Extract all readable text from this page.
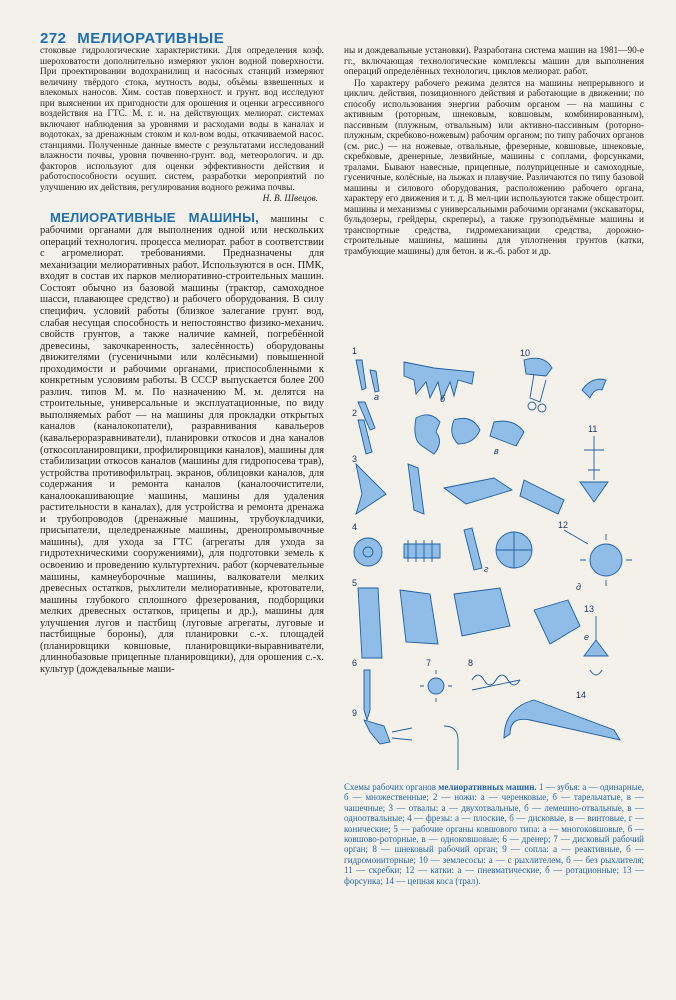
272 МЕЛИОРАТИВНЫЕ

стоковые гидрологические характеристики. Для определения коэф. шероховатости дополнительно измеряют уклон водной поверхности. При проектировании водохранилищ и насосных станций измеряют величину твёрдого стока, мутность воды, объёмы взвешенных и влекомых наносов. Хим. состав поверхност. и грунт. вод исследуют при выяснении их пригодности для орошения и оценки агрессивного воздействия на ГТС. М. г. и. на действующих мелиорат. системах включают наблюдения за уровнями и расходами воды в каналах и водотоках, за дренажным стоком и кол-вом воды, откачиваемой насос. станциями. Полученные данные вместе с результатами исследований влажности почвы, уровня почвенно-грунт. вод, метеорологич. и др. факторов используют для оценки эффективности действия и работоспособности осушит. систем, разработки мероприятий по улучшению их действия, регулирования водного режима почвы.

Н. В. Швецов.

МЕЛИОРАТИВНЫЕ МАШИНЫ, машины с рабочими органами для выполнения одной или нескольких операций технологич. процесса мелиорат. работ в соответствии с агромелиорат. требованиями. Предназначены для механизации мелиоративных работ. Используются в осн. ПМК, входят в состав их парков мелиоративно-строительных машин. Состоят обычно из базовой машины (трактор, самоходное шасси, плавающее средство) и рабочего оборудования. В силу специфич. условий работы (близкое залегание грунт. вод, слабая несущая способность и непостоянство физико-механич. свойств грунтов, а также наличие камней, погребённой древесины, закочкаренность, залесённость) оборудованы движителями (гусеничными или колёсными) повышенной проходимости и рабочими органами, приспособленными к конкретным условиям работы. В СССР выпускается более 200 различ. типов М. м. По назначению М. м. делятся на строительные, универсальные и эксплуатационные, по виду выполняемых работ — на машины для прокладки открытых каналов (каналокопатели), разравнивания кавальеров (кавальероразравниватели), планировки откосов и дна каналов (откосопланировщики, профилировщики каналов), машины для стабилизации откосов каналов (машины для гидропосева трав), устройства противофильтрац. экранов, облицовки каналов, для содержания и ремонта каналов (каналоочистители, каналоокашивающие машины, машины для удаления растительности в каналах), для устройства и ремонта дренажа и трубопроводов (дренажные машины, трубоукладчики, присыпатели, щеледренажные машины, дренопромывочные машины), для ухода за ГТС (агрегаты для ухода за гидротехническими сооружениями), для подготовки земель к освоению и проведению культуртехнич. работ (корчевательные машины, камнеуборочные машины, валкователи мелких древесных остатков, рыхлители мелиоративные, кротователи, машины глубокого сплошного фрезерования, подборщики мелких древесных остатков, прицепы и др.), машины для улучшения лугов и пастбищ (луговые агрегаты, луговые и пастбищные бороны), для планировки с.-х. площадей (планировщики ковшовые, планировщики-выравниватели, длиннобазовые прицепные планировщики), для орошения с.-х. культур (дождевальные маши-

ны и дождевальные установки). Разработана система машин на 1981—90-е гг., включающая технологические комплексы машин для выполнения операций определённых технологич. циклов мелиорат. работ.

По характеру рабочего режима делятся на машины непрерывного и циклич. действия, позиционного действия и работающие в движении; по способу использования энергии рабочим органом — на машины с активным (роторным, шнековым, ковшовым, комбинированным), пассивным (плужным, отвальным) или активно-пассивным (роторно-плужным, скребково-ножевым) рабочим органом; по типу рабочих органов (см. рис.) — на ножевые, отвальные, фрезерные, ковшовые, шнековые, скребковые, дренерные, лезвийные, машины с соплами, форсунками, тралами. Бывают навесные, прицепные, полуприцепные и самоходные, гусеничные, колёсные, на лыжах и плавучие. Различаются по типу базовой машины и силового оборудования, расположению рабочего органа, характеру его движения и т. д. В мел-ции используются также общестроит. машины и механизмы с универсальными рабочими органами (экскаваторы, бульдозеры, грейдеры, скреперы), а также грузоподъёмные машины и транспортные средства, гидромеханизации средства, дорожно-строительные машины, машины для уплотнения грунтов (катки, трамбующие машины) для бетон. и ж.-б. работ и др.

1
2
3
4
5
6	7	8
9
10
11
12
13
14
а	б
в
г
д
е
Схемы рабочих органов мелиоративных машин. 1 — зубья: а — одинарные, б — множественные; 2 — ножи: а — черенковые, б — тарельчатые, в — чашечные; 3 — отвалы: а — двухотвальные, б — лемешно-отвальные, в — одноотвальные; 4 — фрезы: а — плоские, б — дисковые, в — винтовые, г — конические; 5 — рабочие органы ковшового типа: а — многоковшовые, б — ковшово-роторные, в — одноковшовые; 6 — дренер; 7 — дисковый рабочий орган; 8 — шнековый рабочий орган; 9 — сопла: а — реактивные, б — гидромониторные; 10 — землесосы: а — с рыхлителем, б — без рыхлителя; 11 — скребки; 12 — катки: а — пневматические, б — ротационные; 13 — форсунка; 14 — цепная коса (трал).
